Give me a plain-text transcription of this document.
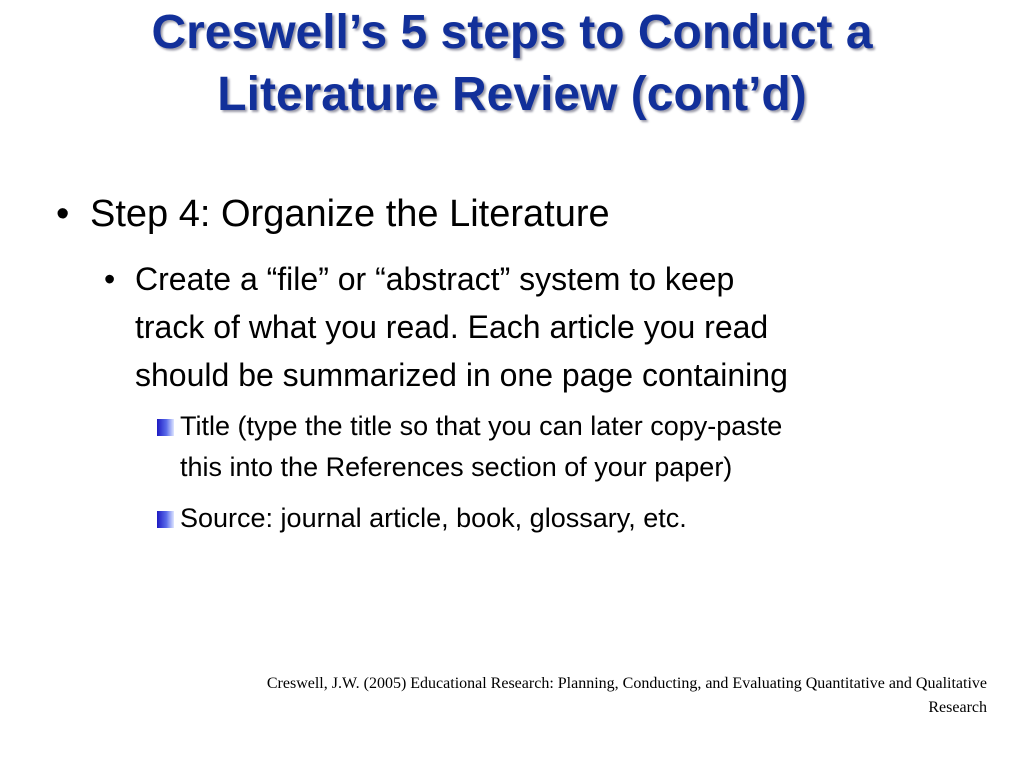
Creswell’s 5 steps to Conduct a
Literature Review (cont’d)
• Step 4: Organize the Literature
• Create a “file” or “abstract” system to keep
track of what you read. Each article you read
should be summarized in one page containing
Title (type the title so that you can later copy-paste
this into the References section of your paper)
Source: journal article, book, glossary, etc.
Creswell, J.W. (2005) Educational Research: Planning, Conducting, and Evaluating Quantitative and Qualitative
Research
